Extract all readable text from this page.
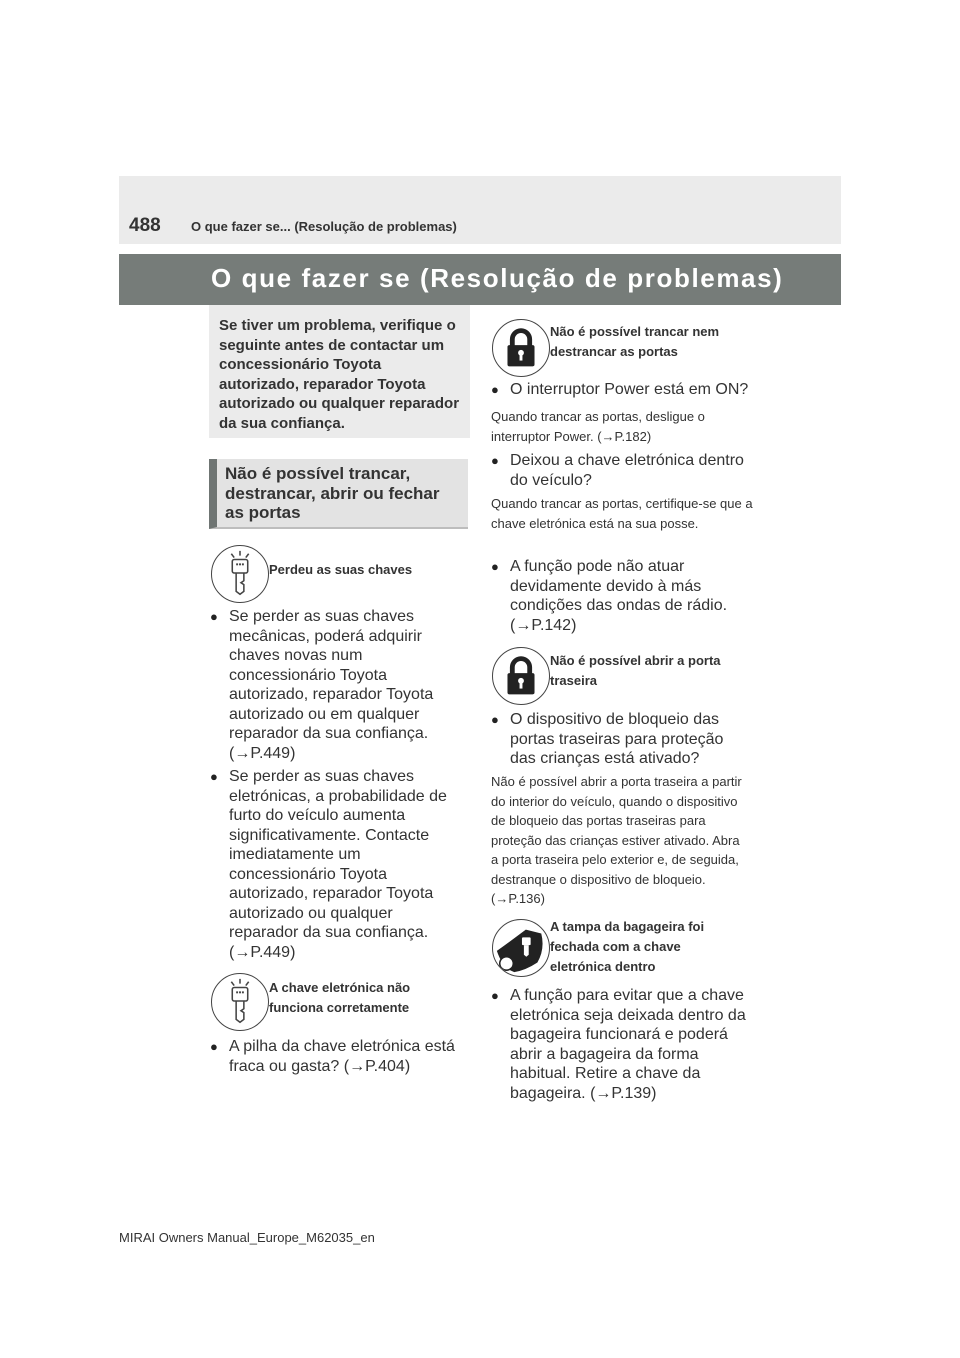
488 O que fazer se... (Resolução de problemas)
O que fazer se (Resolução de problemas)
Se tiver um problema, verifique o seguinte antes de contactar um concessionário Toyota autorizado, reparador Toyota autorizado ou qualquer reparador da sua confiança.
Não é possível trancar, destrancar, abrir ou fechar as portas
Perdeu as suas chaves
● Se perder as suas chaves mecânicas, poderá adquirir chaves novas num concessionário Toyota autorizado, reparador Toyota autorizado ou em qualquer reparador da sua confiança. (→P.449)
● Se perder as suas chaves eletrónicas, a probabilidade de furto do veículo aumenta significativamente. Contacte imediatamente um concessionário Toyota autorizado, reparador Toyota autorizado ou qualquer reparador da sua confiança. (→P.449)
A chave eletrónica não
funciona corretamente
● A pilha da chave eletrónica está fraca ou gasta? (→P.404)
Não é possível trancar nem
destrancar as portas
● O interruptor Power está em ON?
Quando trancar as portas, desligue o interruptor Power. (→P.182)
● Deixou a chave eletrónica dentro do veículo?
Quando trancar as portas, certifique-se que a chave eletrónica está na sua posse.
● A função pode não atuar devidamente devido à más condições das ondas de rádio. (→P.142)
Não é possível abrir a porta
traseira
● O dispositivo de bloqueio das portas traseiras para proteção das crianças está ativado?
Não é possível abrir a porta traseira a partir do interior do veículo, quando o dispositivo de bloqueio das portas traseiras para proteção das crianças estiver ativado. Abra a porta traseira pelo exterior e, de seguida, destranque o dispositivo de bloqueio. (→P.136)
A tampa da bagageira foi
fechada com a chave
eletrónica dentro
● A função para evitar que a chave eletrónica seja deixada dentro da bagageira funcionará e poderá abrir a bagageira da forma habitual. Retire a chave da bagageira. (→P.139)
MIRAI Owners Manual_Europe_M62035_en
